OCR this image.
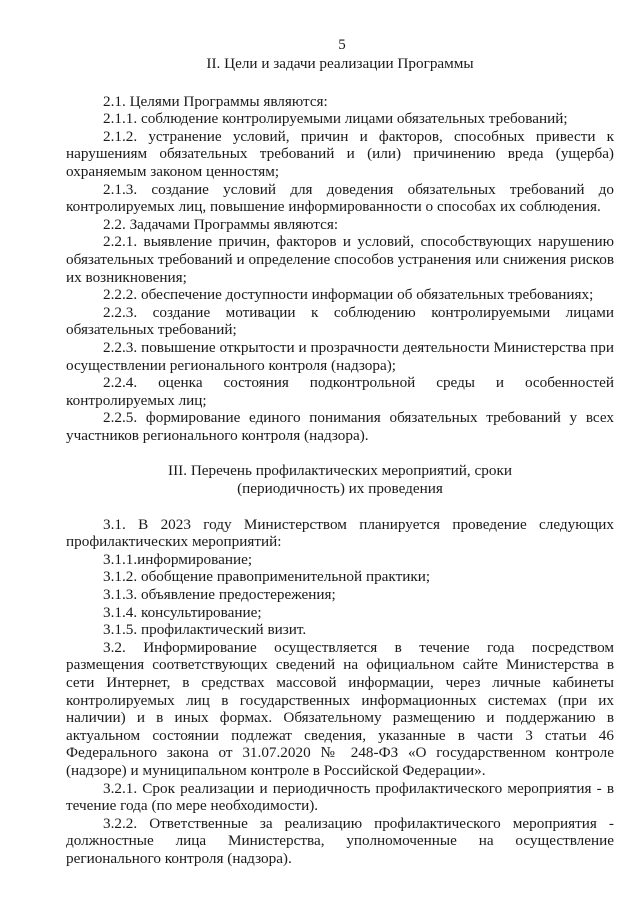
5
II. Цели и задачи реализации Программы

2.1. Целями Программы являются:

2.1.1. соблюдение контролируемыми лицами обязательных требований;

2.1.2. устранение условий, причин и факторов, способных привести к нарушениям обязательных требований и (или) причинению вреда (ущерба) охраняемым законом ценностям;

2.1.3. создание условий для доведения обязательных требований до контролируемых лиц, повышение информированности о способах их соблюдения.

2.2. Задачами Программы являются:

2.2.1. выявление причин, факторов и условий, способствующих нарушению обязательных требований и определение способов устранения или снижения рисков их возникновения;

2.2.2. обеспечение доступности информации об обязательных требованиях;

2.2.3. создание мотивации к соблюдению контролируемыми лицами обязательных требований;

2.2.3. повышение открытости и прозрачности деятельности Министерства при осуществлении регионального контроля (надзора);

2.2.4. оценка состояния подконтрольной среды и особенностей контролируемых лиц;

2.2.5. формирование единого понимания обязательных требований у всех участников регионального контроля (надзора).

III. Перечень профилактических мероприятий, сроки
(периодичность) их проведения

3.1. В 2023 году Министерством планируется проведение следующих профилактических мероприятий:

3.1.1.информирование;

3.1.2. обобщение правоприменительной практики;

3.1.3. объявление предостережения;

3.1.4. консультирование;

3.1.5. профилактический визит.

3.2. Информирование осуществляется в течение года посредством размещения соответствующих сведений на официальном сайте Министерства в сети Интернет, в средствах массовой информации, через личные кабинеты контролируемых лиц в государственных информационных системах (при их наличии) и в иных формах. Обязательному размещению и поддержанию в актуальном состоянии подлежат сведения, указанные в части 3 статьи 46 Федерального закона от 31.07.2020 № 248-ФЗ «О государственном контроле (надзоре) и муниципальном контроле в Российской Федерации».

3.2.1. Срок реализации и периодичность профилактического мероприятия - в течение года (по мере необходимости).

3.2.2. Ответственные за реализацию профилактического мероприятия - должностные лица Министерства, уполномоченные на осуществление регионального контроля (надзора).
